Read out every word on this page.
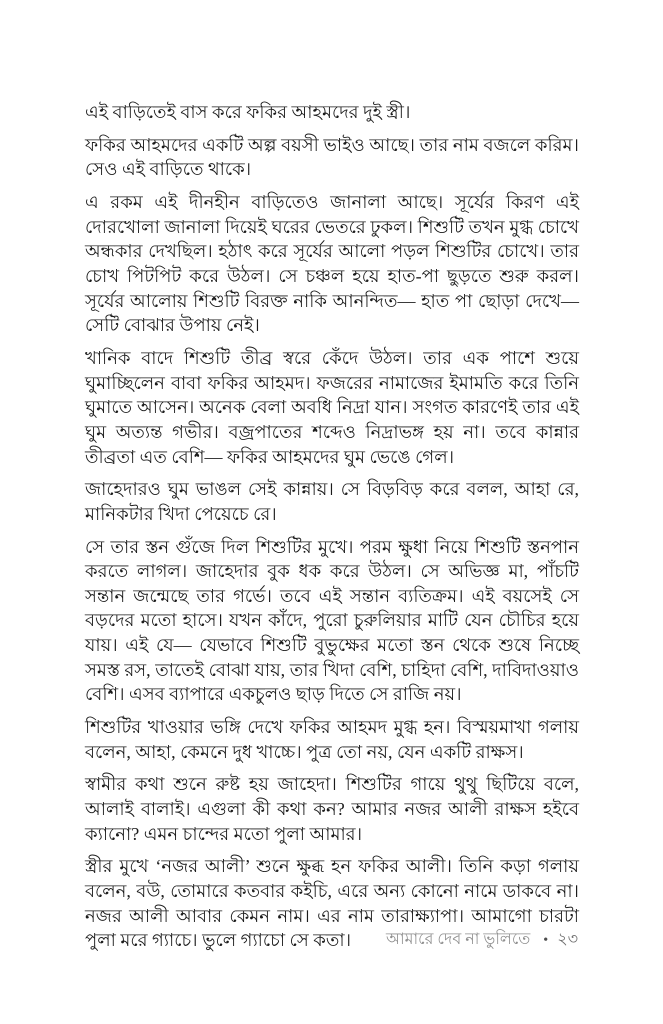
এই বাড়িতেই বাস করে ফকির আহমদের দুই স্ত্রী।

ফকির আহমদের একটি অল্প বয়সী ভাইও আছে। তার নাম বজলে করিম। সেও এই বাড়িতে থাকে।

এ রকম এই দীনহীন বাড়িতেও জানালা আছে। সূর্যের কিরণ এই দোরখোলা জানালা দিয়েই ঘরের ভেতরে ঢুকল। শিশুটি তখন মুগ্ধ চোখে অন্ধকার দেখছিল। হঠাৎ করে সূর্যের আলো পড়ল শিশুটির চোখে। তার চোখ পিটপিট করে উঠল। সে চঞ্চল হয়ে হাত-পা ছুড়তে শুরু করল। সূর্যের আলোয় শিশুটি বিরক্ত নাকি আনন্দিত— হাত পা ছোড়া দেখে— সেটি বোঝার উপায় নেই।

খানিক বাদে শিশুটি তীব্র স্বরে কেঁদে উঠল। তার এক পাশে শুয়ে ঘুমাচ্ছিলেন বাবা ফকির আহমদ। ফজরের নামাজের ইমামতি করে তিনি ঘুমাতে আসেন। অনেক বেলা অবধি নিদ্রা যান। সংগত কারণেই তার এই ঘুম অত্যন্ত গভীর। বজ্রপাতের শব্দেও নিদ্রাভঙ্গ হয় না। তবে কান্নার তীব্রতা এত বেশি— ফকির আহমদের ঘুম ভেঙে গেল।

জাহেদারও ঘুম ভাঙল সেই কান্নায়। সে বিড়বিড় করে বলল, আহা রে, মানিকটার খিদা পেয়েচে রে।

সে তার স্তন গুঁজে দিল শিশুটির মুখে। পরম ক্ষুধা নিয়ে শিশুটি স্তনপান করতে লাগল। জাহেদার বুক ধক করে উঠল। সে অভিজ্ঞ মা, পাঁচটি সন্তান জন্মেছে তার গর্ভে। তবে এই সন্তান ব্যতিক্রম। এই বয়সেই সে বড়দের মতো হাসে। যখন কাঁদে, পুরো চুরুলিয়ার মাটি যেন চৌচির হয়ে যায়। এই যে— যেভাবে শিশুটি বুভুক্ষের মতো স্তন থেকে শুষে নিচ্ছে সমস্ত রস, তাতেই বোঝা যায়, তার খিদা বেশি, চাহিদা বেশি, দাবিদাওয়াও বেশি। এসব ব্যাপারে একচুলও ছাড় দিতে সে রাজি নয়।

শিশুটির খাওয়ার ভঙ্গি দেখে ফকির আহমদ মুগ্ধ হন। বিস্ময়মাখা গলায় বলেন, আহা, কেমনে দুধ খাচ্চে। পুত্র তো নয়, যেন একটি রাক্ষস।

স্বামীর কথা শুনে রুষ্ট হয় জাহেদা। শিশুটির গায়ে থুথু ছিটিয়ে বলে, আলাই বালাই। এগুলা কী কথা কন? আমার নজর আলী রাক্ষস হইবে ক্যানো? এমন চান্দের মতো পুলা আমার।

স্ত্রীর মুখে ‘নজর আলী’ শুনে ক্ষুব্ধ হন ফকির আলী। তিনি কড়া গলায় বলেন, বউ, তোমারে কতবার কইচি, এরে অন্য কোনো নামে ডাকবে না। নজর আলী আবার কেমন নাম। এর নাম তারাক্ষ্যাপা। আমাগো চারটা পুলা মরে গ্যাচে। ভুলে গ্যাচো সে কতা।	আমারে দেব না ভুলিতে • ২৩
